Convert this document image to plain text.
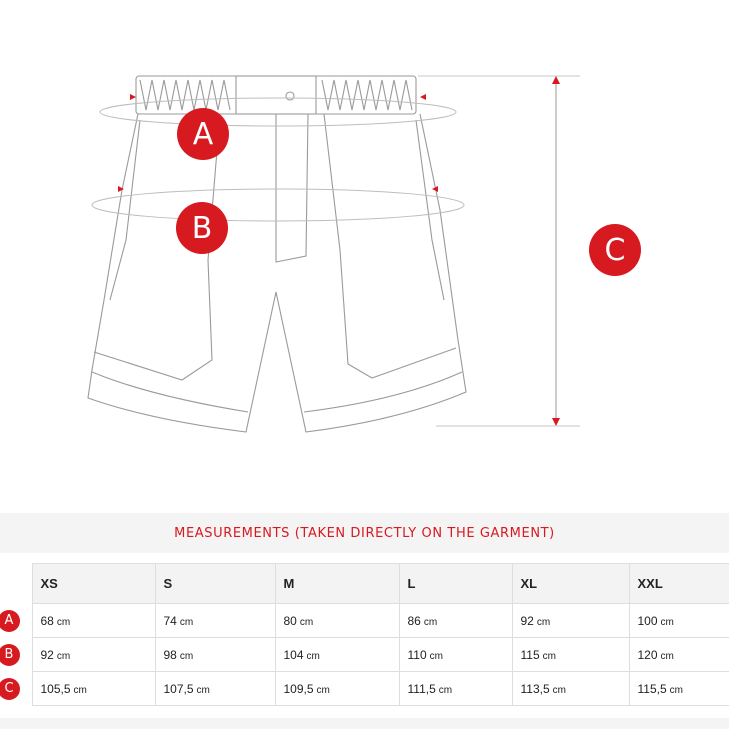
A
B
C
MEASUREMENTS (TAKEN DIRECTLY ON THE GARMENT)
	XS	S	M	L	XL	XXL

A	68 cm	74 cm	80 cm	86 cm	92 cm	100 cm

B	92 cm	98 cm	104 cm	110 cm	115 cm	120 cm

C	105,5 cm	107,5 cm	109,5 cm	111,5 cm	113,5 cm	115,5 cm
